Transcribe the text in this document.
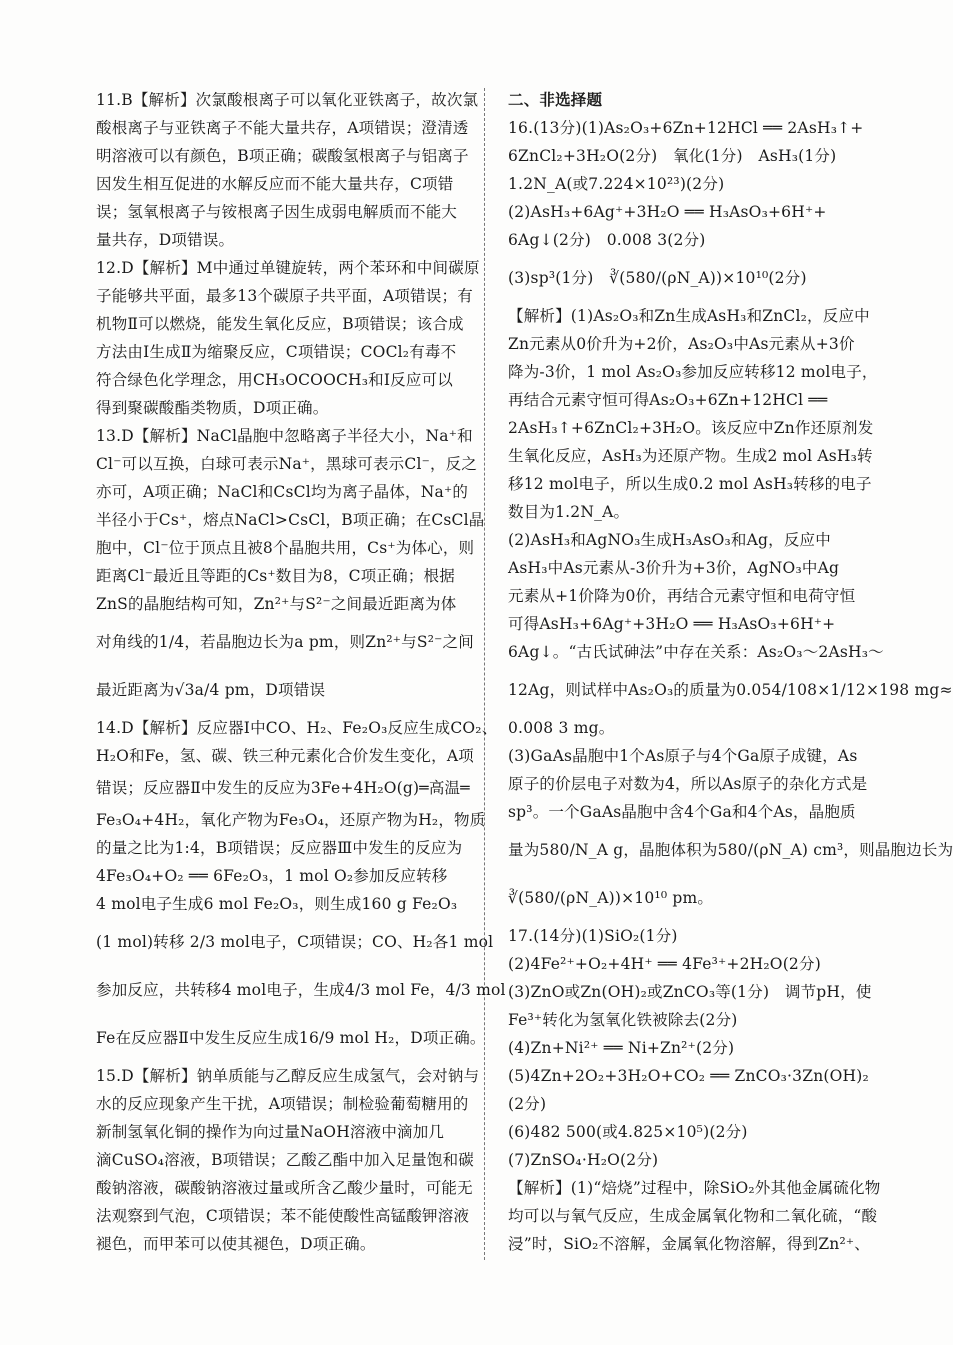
11.B【解析】次氯酸根离子可以氧化亚铁离子，故次氯
酸根离子与亚铁离子不能大量共存，A项错误；澄清透
明溶液可以有颜色，B项正确；碳酸氢根离子与铝离子
因发生相互促进的水解反应而不能大量共存，C项错
误；氢氧根离子与铵根离子因生成弱电解质而不能大
量共存，D项错误。
12.D【解析】M中通过单键旋转，两个苯环和中间碳原
子能够共平面，最多13个碳原子共平面，A项错误；有
机物Ⅱ可以燃烧，能发生氧化反应，B项错误；该合成
方法由Ⅰ生成Ⅱ为缩聚反应，C项错误；COCl₂有毒不
符合绿色化学理念，用CH₃OCOOCH₃和Ⅰ反应可以
得到聚碳酸酯类物质，D项正确。
13.D【解析】NaCl晶胞中忽略离子半径大小，Na⁺和
Cl⁻可以互换，白球可表示Na⁺，黑球可表示Cl⁻，反之
亦可，A项正确；NaCl和CsCl均为离子晶体，Na⁺的
半径小于Cs⁺，熔点NaCl>CsCl，B项正确；在CsCl晶
胞中，Cl⁻位于顶点且被8个晶胞共用，Cs⁺为体心，则
距离Cl⁻最近且等距的Cs⁺数目为8，C项正确；根据
ZnS的晶胞结构可知，Zn²⁺与S²⁻之间最近距离为体
对角线的1/4，若晶胞边长为a pm，则Zn²⁺与S²⁻之间
最近距离为√3a/4 pm，D项错误
14.D【解析】反应器Ⅰ中CO、H₂、Fe₂O₃反应生成CO₂、
H₂O和Fe，氢、碳、铁三种元素化合价发生变化，A项
错误；反应器Ⅱ中发生的反应为3Fe+4H₂O(g)═高温═
Fe₃O₄+4H₂，氧化产物为Fe₃O₄，还原产物为H₂，物质
的量之比为1:4，B项错误；反应器Ⅲ中发生的反应为
4Fe₃O₄+O₂ ══ 6Fe₂O₃，1 mol O₂参加反应转移
4 mol电子生成6 mol Fe₂O₃，则生成160 g Fe₂O₃
(1 mol)转移 2/3 mol电子，C项错误；CO、H₂各1 mol
参加反应，共转移4 mol电子，生成4/3 mol Fe，4/3 mol
Fe在反应器Ⅱ中发生反应生成16/9 mol H₂，D项正确。
15.D【解析】钠单质能与乙醇反应生成氢气，会对钠与
水的反应现象产生干扰，A项错误；制检验葡萄糖用的
新制氢氧化铜的操作为向过量NaOH溶液中滴加几
滴CuSO₄溶液，B项错误；乙酸乙酯中加入足量饱和碳
酸钠溶液，碳酸钠溶液过量或所含乙酸少量时，可能无
法观察到气泡，C项错误；苯不能使酸性高锰酸钾溶液
褪色，而甲苯可以使其褪色，D项正确。
二、非选择题
16.(13分)(1)As₂O₃+6Zn+12HCl ══ 2AsH₃↑+
6ZnCl₂+3H₂O(2分)　氧化(1分)　AsH₃(1分)
1.2N_A(或7.224×10²³)(2分)
(2)AsH₃+6Ag⁺+3H₂O ══ H₃AsO₃+6H⁺+
6Ag↓(2分)　0.008 3(2分)
(3)sp³(1分)　∛(580/(ρN_A))×10¹⁰(2分)
【解析】(1)As₂O₃和Zn生成AsH₃和ZnCl₂，反应中
Zn元素从0价升为+2价，As₂O₃中As元素从+3价
降为-3价，1 mol As₂O₃参加反应转移12 mol电子，
再结合元素守恒可得As₂O₃+6Zn+12HCl ══
2AsH₃↑+6ZnCl₂+3H₂O。该反应中Zn作还原剂发
生氧化反应，AsH₃为还原产物。生成2 mol AsH₃转
移12 mol电子，所以生成0.2 mol AsH₃转移的电子
数目为1.2N_A。
(2)AsH₃和AgNO₃生成H₃AsO₃和Ag，反应中
AsH₃中As元素从-3价升为+3价，AgNO₃中Ag
元素从+1价降为0价，再结合元素守恒和电荷守恒
可得AsH₃+6Ag⁺+3H₂O ══ H₃AsO₃+6H⁺+
6Ag↓。“古氏试砷法”中存在关系：As₂O₃～2AsH₃～
12Ag，则试样中As₂O₃的质量为0.054/108×1/12×198 mg≈
0.008 3 mg。
(3)GaAs晶胞中1个As原子与4个Ga原子成键，As
原子的价层电子对数为4，所以As原子的杂化方式是
sp³。一个GaAs晶胞中含4个Ga和4个As，晶胞质
量为580/N_A g，晶胞体积为580/(ρN_A) cm³，则晶胞边长为
∛(580/(ρN_A))×10¹⁰ pm。
17.(14分)(1)SiO₂(1分)
(2)4Fe²⁺+O₂+4H⁺ ══ 4Fe³⁺+2H₂O(2分)
(3)ZnO或Zn(OH)₂或ZnCO₃等(1分)　调节pH，使
Fe³⁺转化为氢氧化铁被除去(2分)
(4)Zn+Ni²⁺ ══ Ni+Zn²⁺(2分)
(5)4Zn+2O₂+3H₂O+CO₂ ══ ZnCO₃·3Zn(OH)₂
(2分)
(6)482 500(或4.825×10⁵)(2分)
(7)ZnSO₄·H₂O(2分)
【解析】(1)“焙烧”过程中，除SiO₂外其他金属硫化物
均可以与氧气反应，生成金属氧化物和二氧化硫，“酸
浸”时，SiO₂不溶解，金属氧化物溶解，得到Zn²⁺、
